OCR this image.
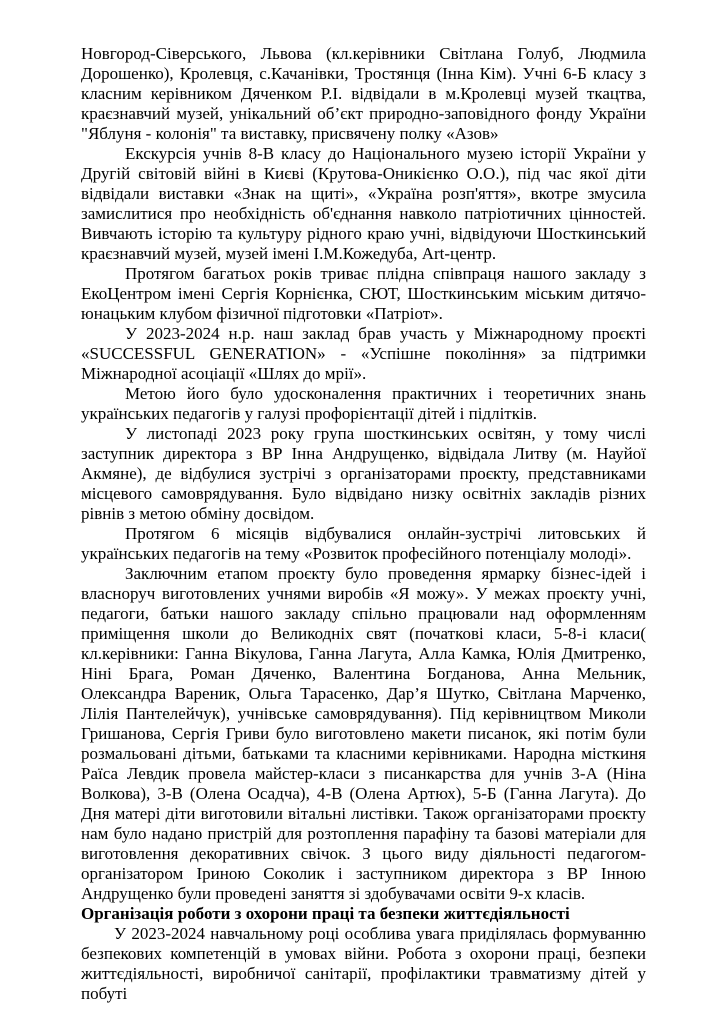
Новгород-Сіверського, Львова (кл.керівники Світлана Голуб, Людмила Дорошенко), Кролевця, с.Качанівки, Тростянця (Інна Кім). Учні 6-Б класу з класним керівником Дяченком Р.І. відвідали в м.Кролевці музей ткацтва, краєзнавчий музей, унікальний об’єкт природно-заповідного фонду України "Яблуня - колонія" та виставку, присвячену полку «Азов»

Екскурсія учнів 8-В класу до Національного музею історії України у Другій світовій війні в Києві (Крутова-Оникієнко О.О.), під час якої діти відвідали виставки «Знак на щиті», «Україна розп'яття», вкотре змусила замислитися про необхідність об'єднання навколо патріотичних цінностей. Вивчають історію та культуру рідного краю учні, відвідуючи Шосткинський краєзнавчий музей, музей імені І.М.Кожедуба, Art-центр.

Протягом багатьох років триває плідна співпраця нашого закладу з ЕкоЦентром імені Сергія Корнієнка, СЮТ, Шосткинським міським дитячо-юнацьким клубом фізичної підготовки «Патріот».

У 2023-2024 н.р. наш заклад брав участь у Міжнародному проєкті «SUCCESSFUL GENERATION» - «Успішне покоління» за підтримки Міжнародної асоціації «Шлях до мрії».

Метою його було удосконалення практичних і теоретичних знань українських педагогів у галузі профорієнтації дітей і підлітків.

У листопаді 2023 року група шосткинських освітян, у тому числі заступник директора з ВР Інна Андрущенко, відвідала Литву (м. Науйої Акмяне), де відбулися зустрічі з організаторами проєкту, представниками місцевого самоврядування. Було відвідано низку освітніх закладів різних рівнів з метою обміну досвідом.

Протягом 6 місяців відбувалися онлайн-зустрічі литовських й українських педагогів на тему «Розвиток професійного потенціалу молоді».

Заключним етапом проєкту було проведення ярмарку бізнес-ідей і власноруч виготовлених учнями виробів «Я можу». У межах проєкту учні, педагоги, батьки нашого закладу спільно працювали над оформленням приміщення школи до Великодніх свят (початкові класи, 5-8-і класи( кл.керівники: Ганна Вікулова, Ганна Лагута, Алла Камка, Юлія Дмитренко, Ніні Брага, Роман Дяченко, Валентина Богданова, Анна Мельник, Олександра Вареник, Ольга Тарасенко, Дар’я Шутко, Світлана Марченко, Лілія Пантелейчук), учнівське самоврядування). Під керівництвом Миколи Гришанова, Сергія Гриви було виготовлено макети писанок, які потім були розмальовані дітьми, батьками та класними керівниками. Народна місткиня Раїса Левдик провела майстер-класи з писанкарства для учнів 3-А (Ніна Волкова), 3-В (Олена Осадча), 4-В (Олена Артюх), 5-Б (Ганна Лагута). До Дня матері діти виготовили вітальні листівки. Також організаторами проєкту нам було надано пристрій для розтоплення парафіну та базові матеріали для виготовлення декоративних свічок. З цього виду діяльності педагогом-організатором Іриною Соколик і заступником директора з ВР Інною Андрущенко були проведені заняття зі здобувачами освіти 9-х класів.

Організація роботи з охорони праці та безпеки життєдіяльності

У 2023-2024 навчальному році особлива увага приділялась формуванню безпекових компетенцій в умовах війни. Робота з охорони праці, безпеки життєдіяльності, виробничої санітарії, профілактики травматизму дітей у побуті
